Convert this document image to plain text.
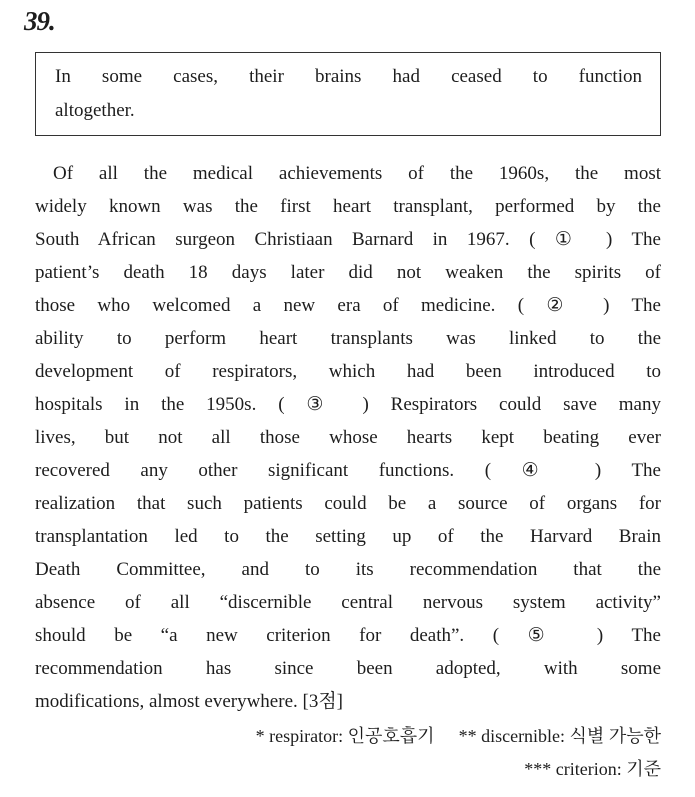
39.
In some cases, their brains had ceased to function
altogether.
Of all the medical achievements of the 1960s, the most
widely known was the first heart transplant, performed by the
South African surgeon Christiaan Barnard in 1967. ( ① ) The
patient’s death 18 days later did not weaken the spirits of
those who welcomed a new era of medicine. ( ② ) The
ability to perform heart transplants was linked to the
development of respirators, which had been introduced to
hospitals in the 1950s. ( ③ ) Respirators could save many
lives, but not all those whose hearts kept beating ever
recovered any other significant functions. ( ④ ) The
realization that such patients could be a source of organs for
transplantation led to the setting up of the Harvard Brain
Death Committee, and to its recommendation that the
absence of all “discernible central nervous system activity”
should be “a new criterion for death”. ( ⑤ ) The
recommendation has since been adopted, with some
modifications, almost everywhere. [3점]
* respirator: 인공호흡기 ** discernible: 식별 가능한
*** criterion: 기준
